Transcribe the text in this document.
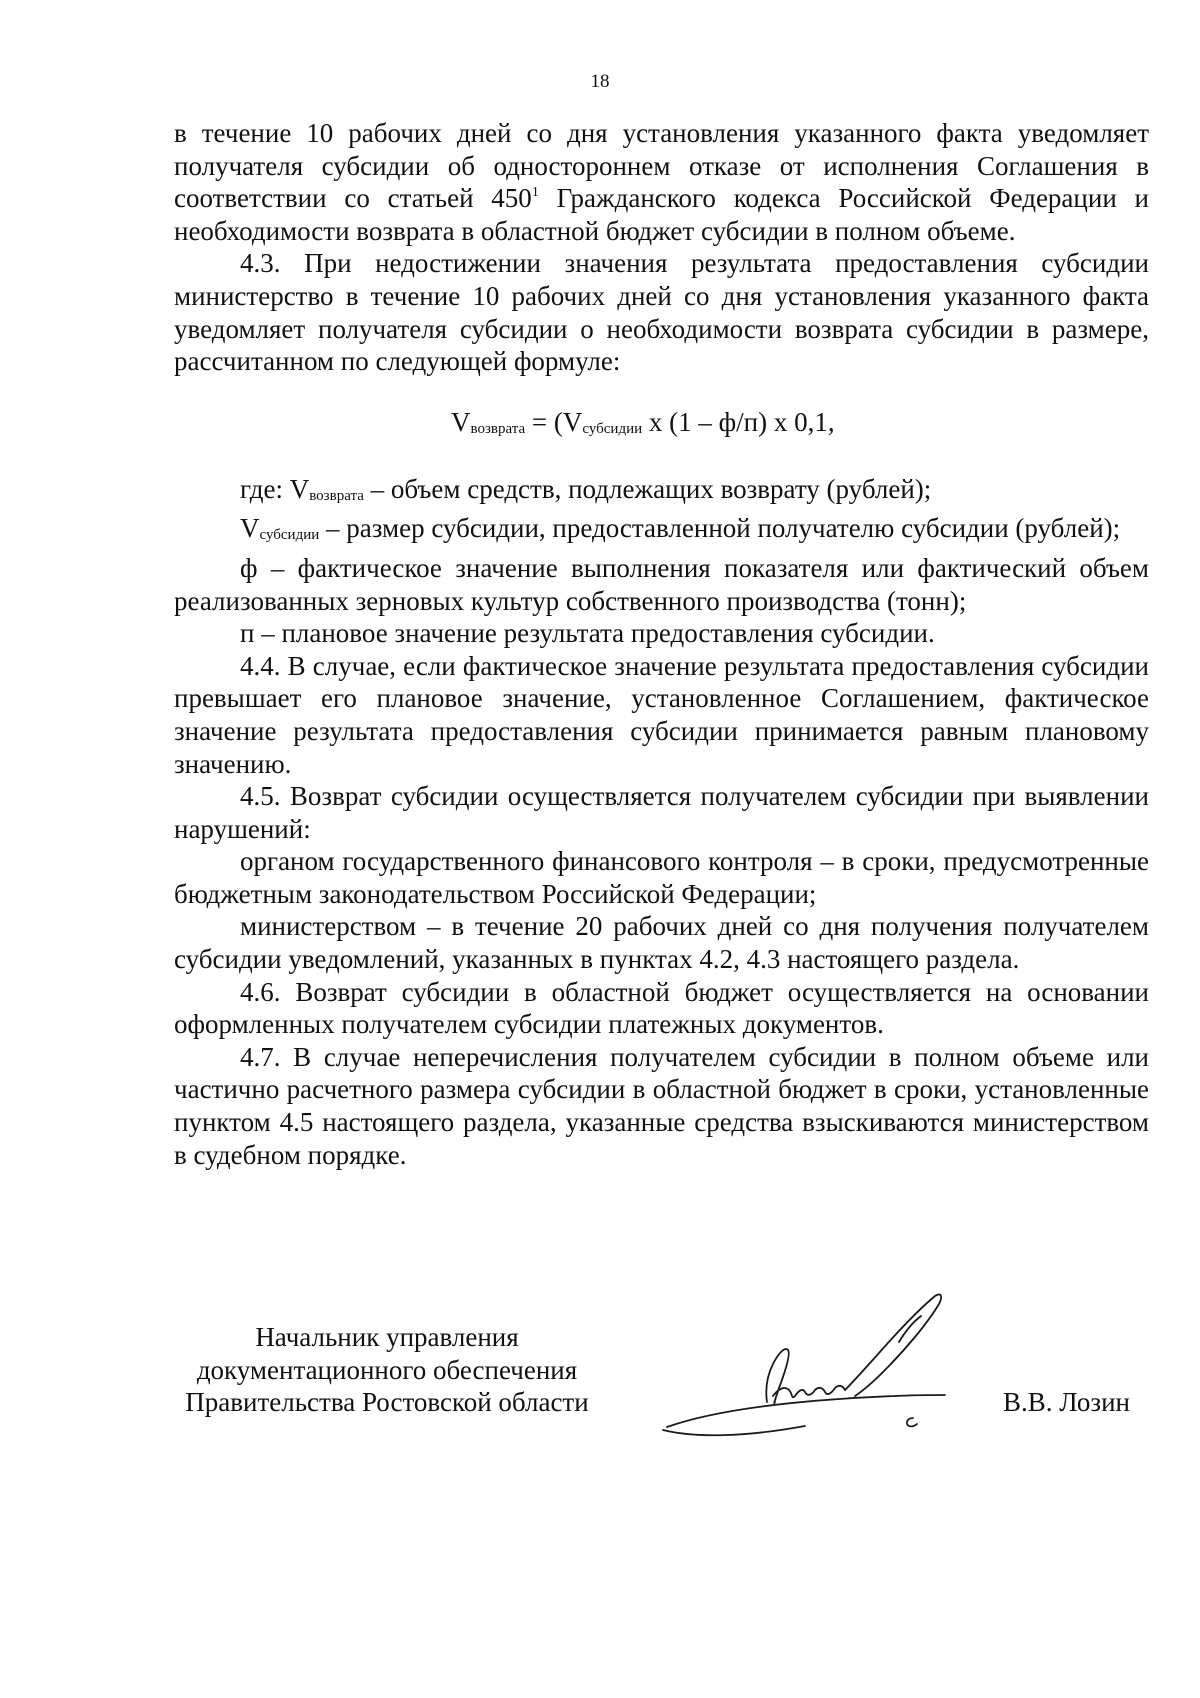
18

в течение 10 рабочих дней со дня установления указанного факта уведомляет получателя субсидии об одностороннем отказе от исполнения Соглашения в соответствии со статьей $450^1$ Гражданского кодекса Российской Федерации и необходимости возврата в областной бюджет субсидии в полном объеме.

4.3. При недостижении значения результата предоставления субсидии министерство в течение 10 рабочих дней со дня установления указанного факта уведомляет получателя субсидии о необходимости возврата субсидии в размере, рассчитанном по следующей формуле:

Vвозврата = (Vсубсидии х (1 – ф/п) х 0,1,

где: Vвозврата – объем средств, подлежащих возврату (рублей);

Vсубсидии – размер субсидии, предоставленной получателю субсидии (рублей);

ф – фактическое значение выполнения показателя или фактический объем реализованных зерновых культур собственного производства (тонн);

п – плановое значение результата предоставления субсидии.

4.4. В случае, если фактическое значение результата предоставления субсидии превышает его плановое значение, установленное Соглашением, фактическое значение результата предоставления субсидии принимается равным плановому значению.

4.5. Возврат субсидии осуществляется получателем субсидии при выявлении нарушений:

органом государственного финансового контроля – в сроки, предусмотренные бюджетным законодательством Российской Федерации;

министерством – в течение 20 рабочих дней со дня получения получателем субсидии уведомлений, указанных в пунктах 4.2, 4.3 настоящего раздела.

4.6. Возврат субсидии в областной бюджет осуществляется на основании оформленных получателем субсидии платежных документов.

4.7. В случае неперечисления получателем субсидии в полном объеме или частично расчетного размера субсидии в областной бюджет в сроки, установленные пунктом 4.5 настоящего раздела, указанные средства взыскиваются министерством в судебном порядке.

Начальник управления
документационного обеспечения
Правительства Ростовской области	В.В. Лозин
